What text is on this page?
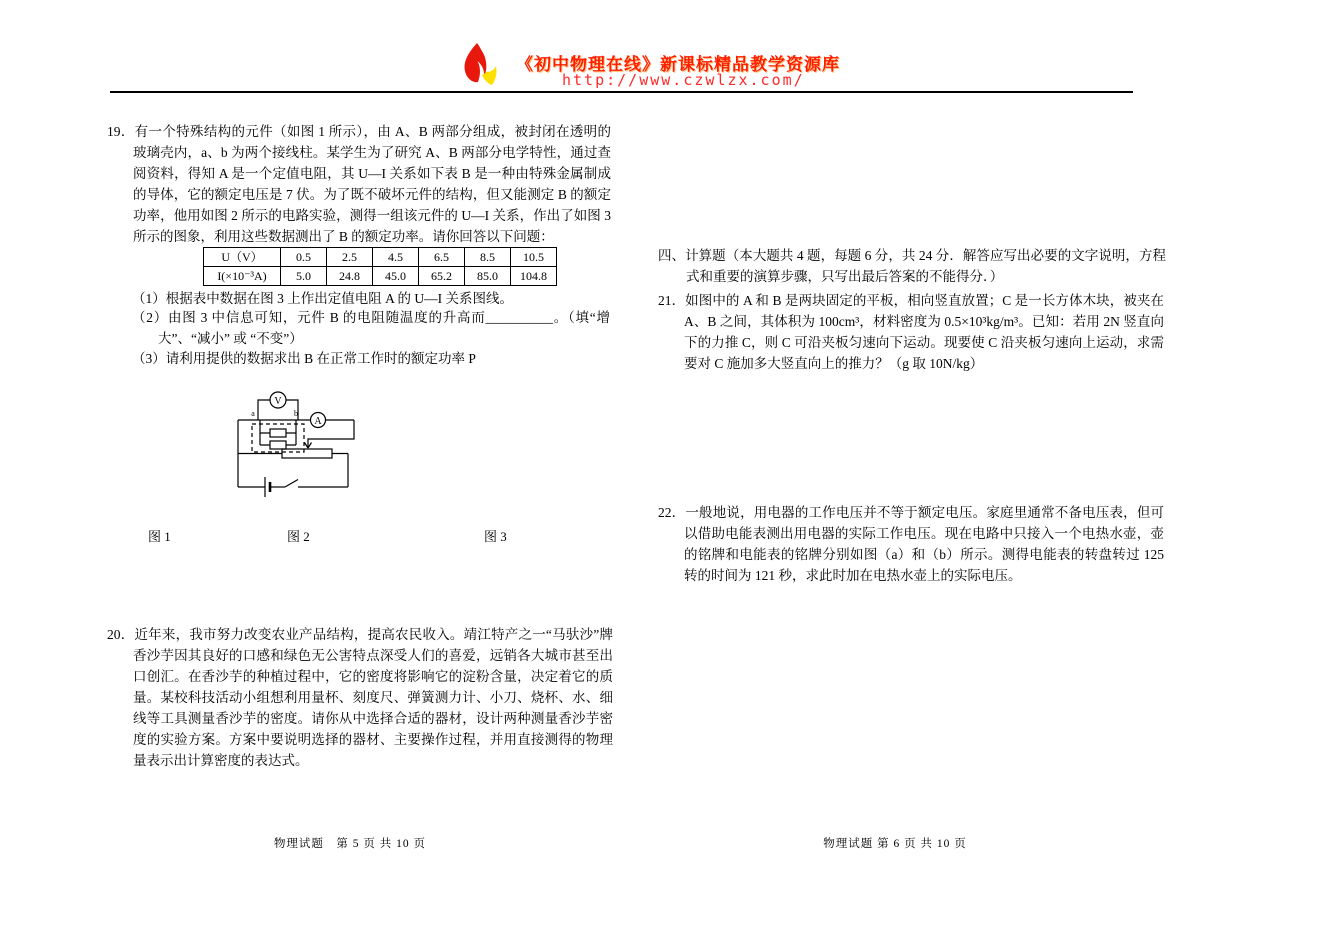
《初中物理在线》新课标精品教学资源库
http://www.czwlzx.com/

19．有一个特殊结构的元件（如图 1 所示），由 A、B 两部分组成，被封闭在透明的玻璃壳内，a、b 为两个接线柱。某学生为了研究 A、B 两部分电学特性，通过查阅资料，得知 A 是一个定值电阻，其 U—I 关系如下表 B 是一种由特殊金属制成的导体，它的额定电压是 7 伏。为了既不破坏元件的结构，但又能测定 B 的额定功率，他用如图 2 所示的电路实验，测得一组该元件的 U—I 关系，作出了如图 3 所示的图象，利用这些数据测出了 B 的额定功率。请你回答以下问题：

U（V）	0.5	2.5	4.5	6.5	8.5	10.5
I(×10⁻³A)	5.0	24.8	45.0	65.2	85.0	104.8

（1）根据表中数据在图 3 上作出定值电阻 A 的 U—I 关系图线。

（2）由图 3 中信息可知，元件 B 的电阻随温度的升高而__________。（填“增大”、“减小” 或 “不变”）

（3）请利用提供的数据求出 B 在正常工作时的额定功率 P

V
a	b
A
图 1	图 2	图 3

20．近年来，我市努力改变农业产品结构，提高农民收入。靖江特产之一“马驮沙”牌香沙芋因其良好的口感和绿色无公害特点深受人们的喜爱，远销各大城市甚至出口创汇。在香沙芋的种植过程中，它的密度将影响它的淀粉含量，决定着它的质量。某校科技活动小组想利用量杯、刻度尺、弹簧测力计、小刀、烧杯、水、细线等工具测量香沙芋的密度。请你从中选择合适的器材，设计两种测量香沙芋密度的实验方案。方案中要说明选择的器材、主要操作过程，并用直接测得的物理量表示出计算密度的表达式。

物理试题　第 5 页 共 10 页

四、计算题（本大题共 4 题，每题 6 分，共 24 分．解答应写出必要的文字说明，方程式和重要的演算步骤，只写出最后答案的不能得分．）

21．如图中的 A 和 B 是两块固定的平板，相向竖直放置；C 是一长方体木块，被夹在 A、B 之间，其体积为 100cm³，材料密度为 0.5×10³kg/m³。已知：若用 2N 竖直向下的力推 C，则 C 可沿夹板匀速向下运动。现要使 C 沿夹板匀速向上运动，求需要对 C 施加多大竖直向上的推力？（g 取 10N/kg）

22．一般地说，用电器的工作电压并不等于额定电压。家庭里通常不备电压表，但可以借助电能表测出用电器的实际工作电压。现在电路中只接入一个电热水壶，壶的铭牌和电能表的铭牌分别如图（a）和（b）所示。测得电能表的转盘转过 125 转的时间为 121 秒，求此时加在电热水壶上的实际电压。

物理试题 第 6 页 共 10 页
